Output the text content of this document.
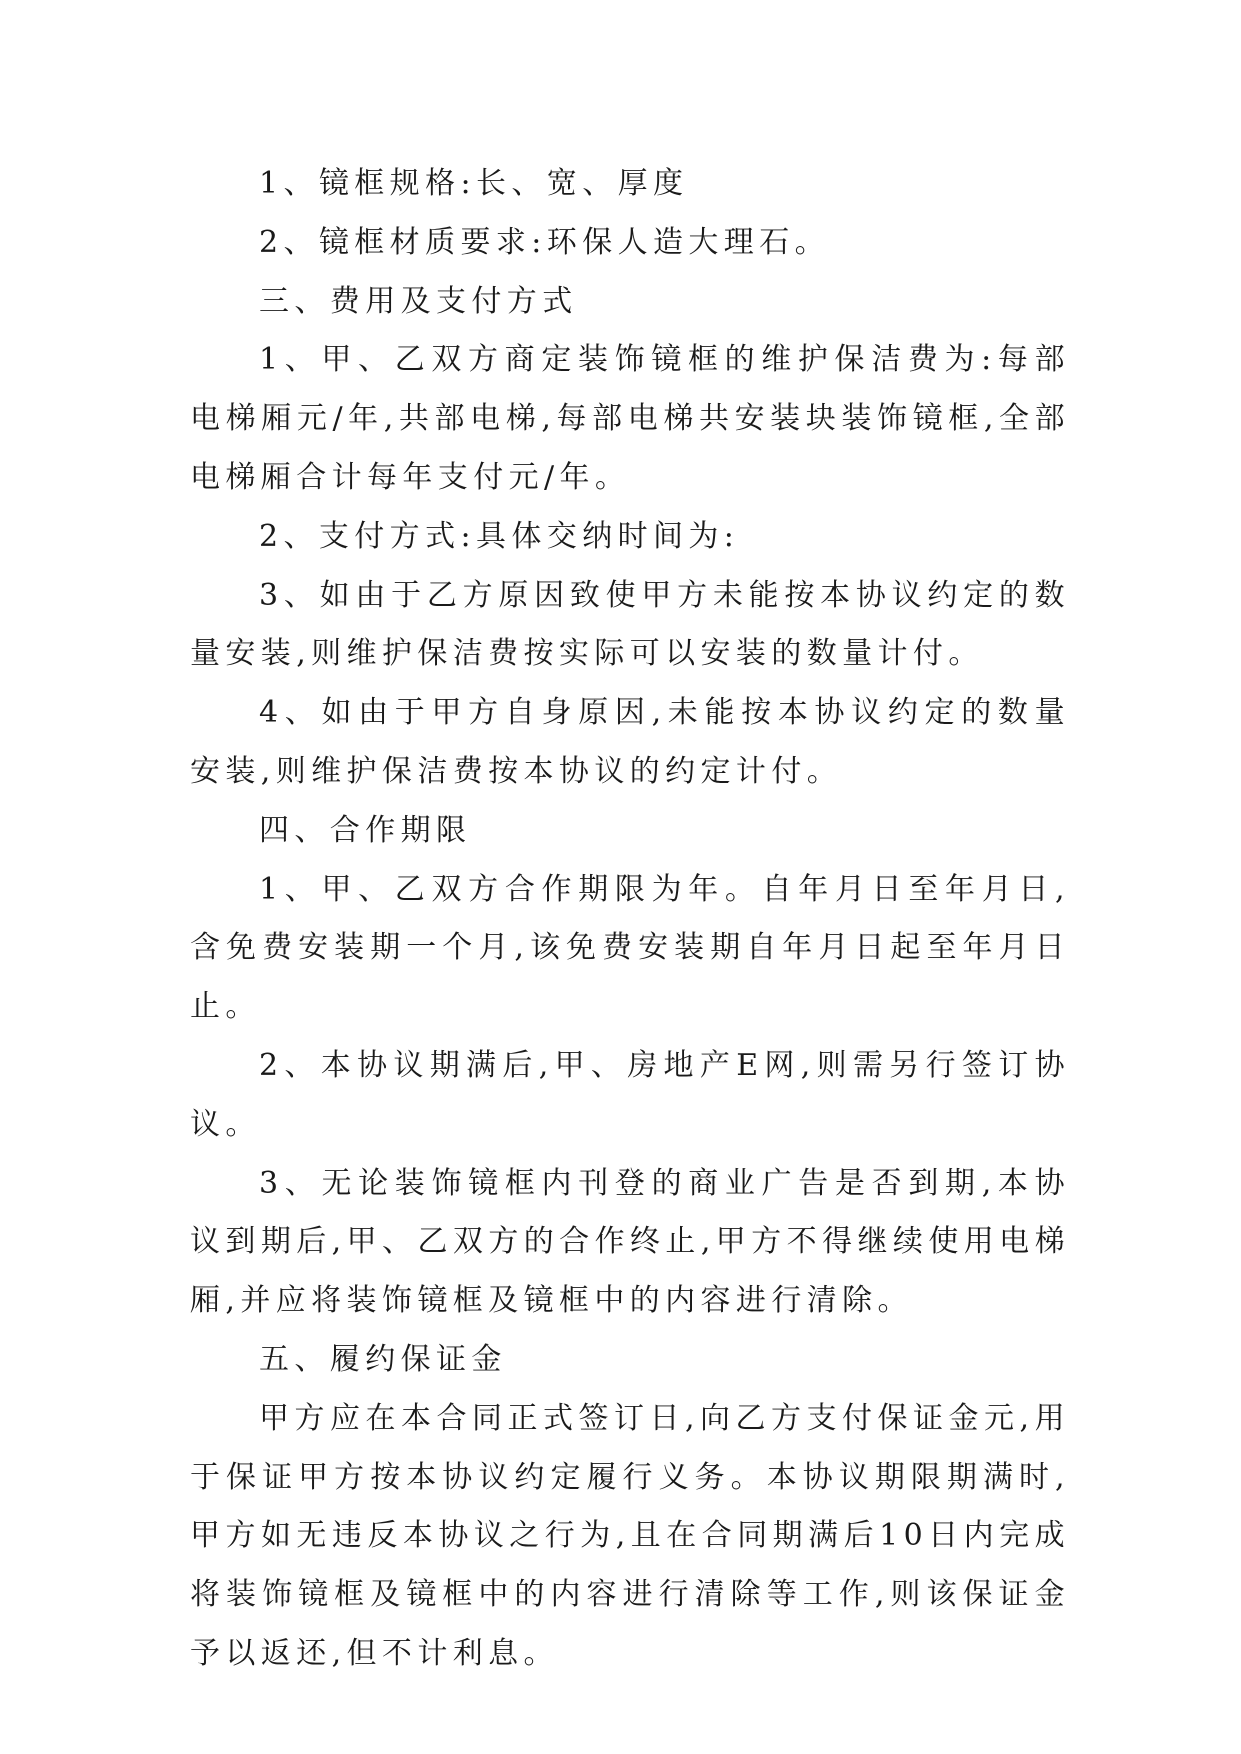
1、镜框规格:长、宽、厚度

2、镜框材质要求:环保人造大理石。

三、费用及支付方式

1、甲、乙双方商定装饰镜框的维护保洁费为:每部电梯厢元/年,共部电梯,每部电梯共安装块装饰镜框,全部电梯厢合计每年支付元/年。

2、支付方式:具体交纳时间为:

3、如由于乙方原因致使甲方未能按本协议约定的数量安装,则维护保洁费按实际可以安装的数量计付。

4、如由于甲方自身原因,未能按本协议约定的数量安装,则维护保洁费按本协议的约定计付。

四、合作期限

1、甲、乙双方合作期限为年。自年月日至年月日,含免费安装期一个月,该免费安装期自年月日起至年月日止。

2、本协议期满后,甲、房地产E网,则需另行签订协议。

3、无论装饰镜框内刊登的商业广告是否到期,本协议到期后,甲、乙双方的合作终止,甲方不得继续使用电梯厢,并应将装饰镜框及镜框中的内容进行清除。

五、履约保证金

甲方应在本合同正式签订日,向乙方支付保证金元,用于保证甲方按本协议约定履行义务。本协议期限期满时,甲方如无违反本协议之行为,且在合同期满后10日内完成将装饰镜框及镜框中的内容进行清除等工作,则该保证金予以返还,但不计利息。
